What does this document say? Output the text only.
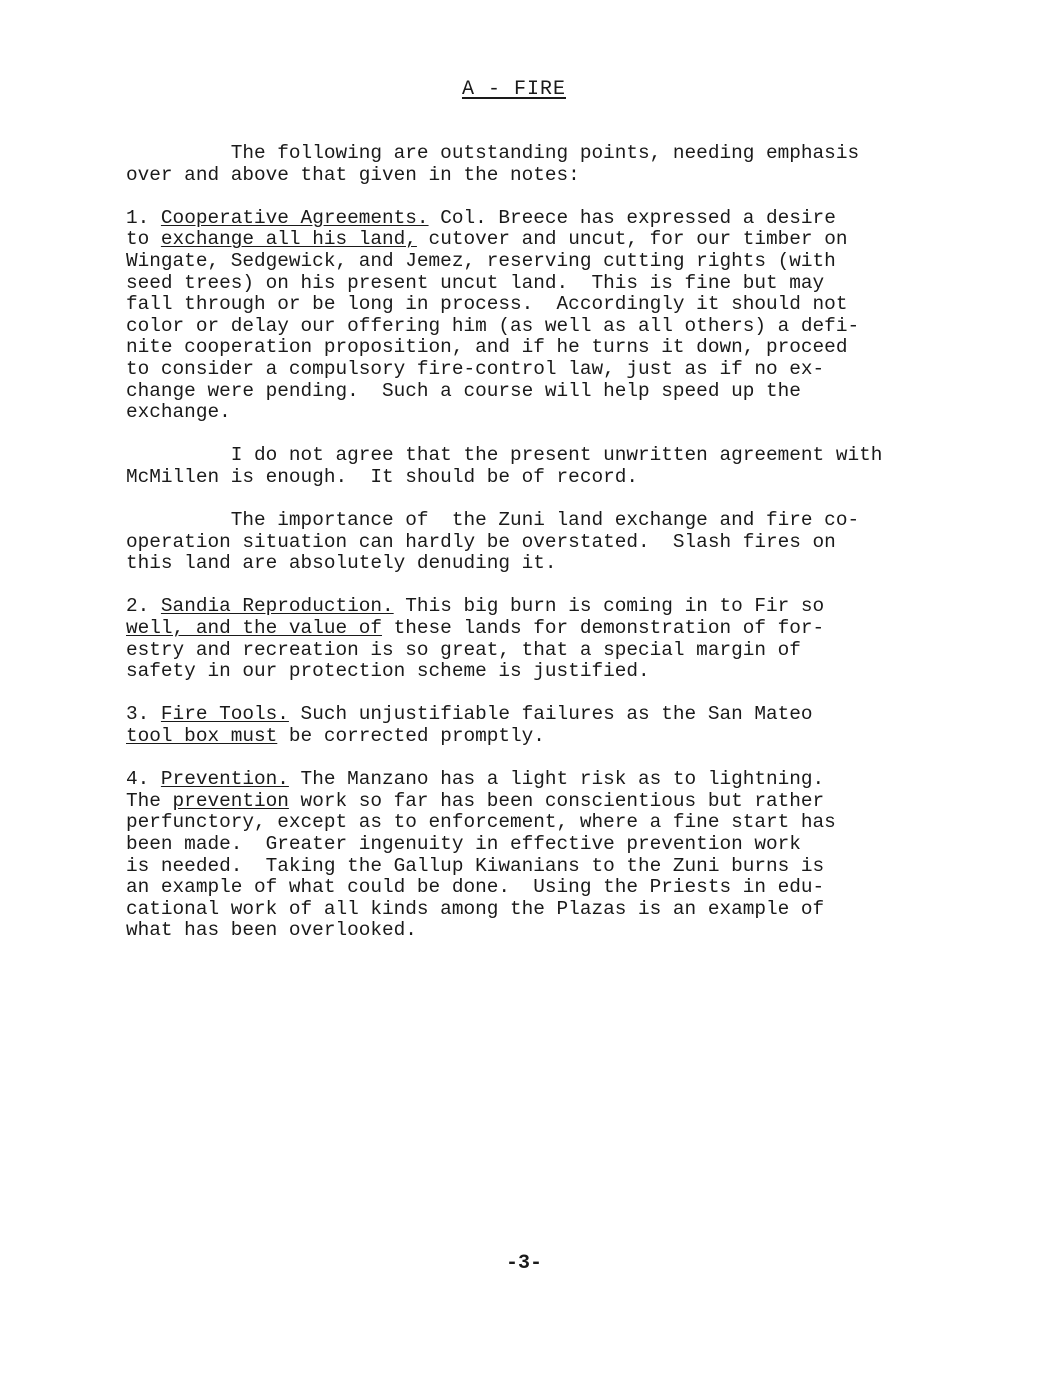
A - FIRE
The following are outstanding points, needing emphasis
over and above that given in the notes:
1. Cooperative Agreements. Col. Breece has expressed a desire
to exchange all his land, cutover and uncut, for our timber on
Wingate, Sedgewick, and Jemez, reserving cutting rights (with
seed trees) on his present uncut land.  This is fine but may
fall through or be long in process.  Accordingly it should not
color or delay our offering him (as well as all others) a defi-
nite cooperation proposition, and if he turns it down, proceed
to consider a compulsory fire-control law, just as if no ex-
change were pending.  Such a course will help speed up the
exchange.
I do not agree that the present unwritten agreement with
McMillen is enough.  It should be of record.
The importance of  the Zuni land exchange and fire co-
operation situation can hardly be overstated.  Slash fires on
this land are absolutely denuding it.
2. Sandia Reproduction. This big burn is coming in to Fir so
well, and the value of these lands for demonstration of for-
estry and recreation is so great, that a special margin of
safety in our protection scheme is justified.
3. Fire Tools. Such unjustifiable failures as the San Mateo
tool box must be corrected promptly.
4. Prevention. The Manzano has a light risk as to lightning.
The prevention work so far has been conscientious but rather
perfunctory, except as to enforcement, where a fine start has
been made.  Greater ingenuity in effective prevention work
is needed.  Taking the Gallup Kiwanians to the Zuni burns is
an example of what could be done.  Using the Priests in edu-
cational work of all kinds among the Plazas is an example of
what has been overlooked.
-3-
